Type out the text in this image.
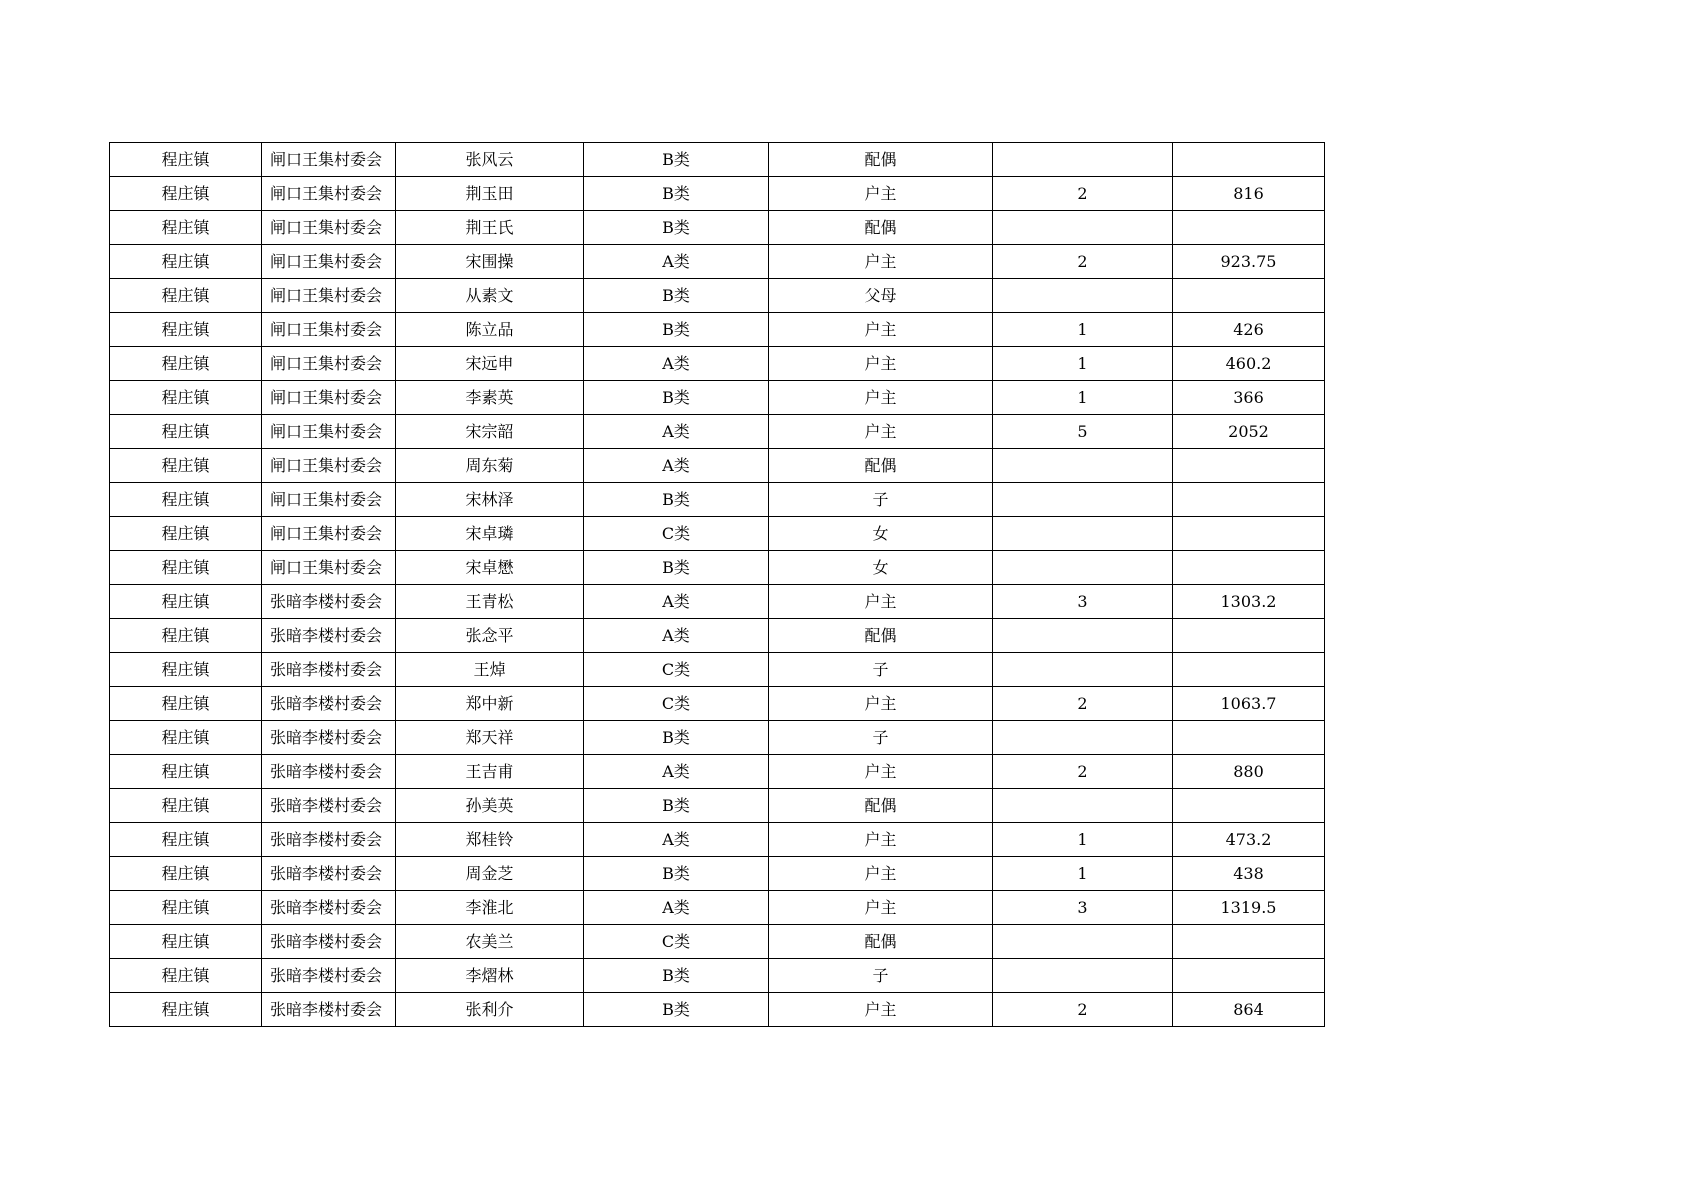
程庄镇	闸口王集村委会	张风云	B类	配偶		
程庄镇	闸口王集村委会	荆玉田	B类	户主	2	816
程庄镇	闸口王集村委会	荆王氏	B类	配偶		
程庄镇	闸口王集村委会	宋围操	A类	户主	2	923.75
程庄镇	闸口王集村委会	从素文	B类	父母		
程庄镇	闸口王集村委会	陈立品	B类	户主	1	426
程庄镇	闸口王集村委会	宋远申	A类	户主	1	460.2
程庄镇	闸口王集村委会	李素英	B类	户主	1	366
程庄镇	闸口王集村委会	宋宗韶	A类	户主	5	2052
程庄镇	闸口王集村委会	周东菊	A类	配偶		
程庄镇	闸口王集村委会	宋林泽	B类	子		
程庄镇	闸口王集村委会	宋卓璘	C类	女		
程庄镇	闸口王集村委会	宋卓懋	B类	女		
程庄镇	张暗李楼村委会	王青松	A类	户主	3	1303.2
程庄镇	张暗李楼村委会	张念平	A类	配偶		
程庄镇	张暗李楼村委会	王焯	C类	子		
程庄镇	张暗李楼村委会	郑中新	C类	户主	2	1063.7
程庄镇	张暗李楼村委会	郑天祥	B类	子		
程庄镇	张暗李楼村委会	王吉甫	A类	户主	2	880
程庄镇	张暗李楼村委会	孙美英	B类	配偶		
程庄镇	张暗李楼村委会	郑桂铃	A类	户主	1	473.2
程庄镇	张暗李楼村委会	周金芝	B类	户主	1	438
程庄镇	张暗李楼村委会	李淮北	A类	户主	3	1319.5
程庄镇	张暗李楼村委会	农美兰	C类	配偶		
程庄镇	张暗李楼村委会	李熠林	B类	子		
程庄镇	张暗李楼村委会	张利介	B类	户主	2	864
